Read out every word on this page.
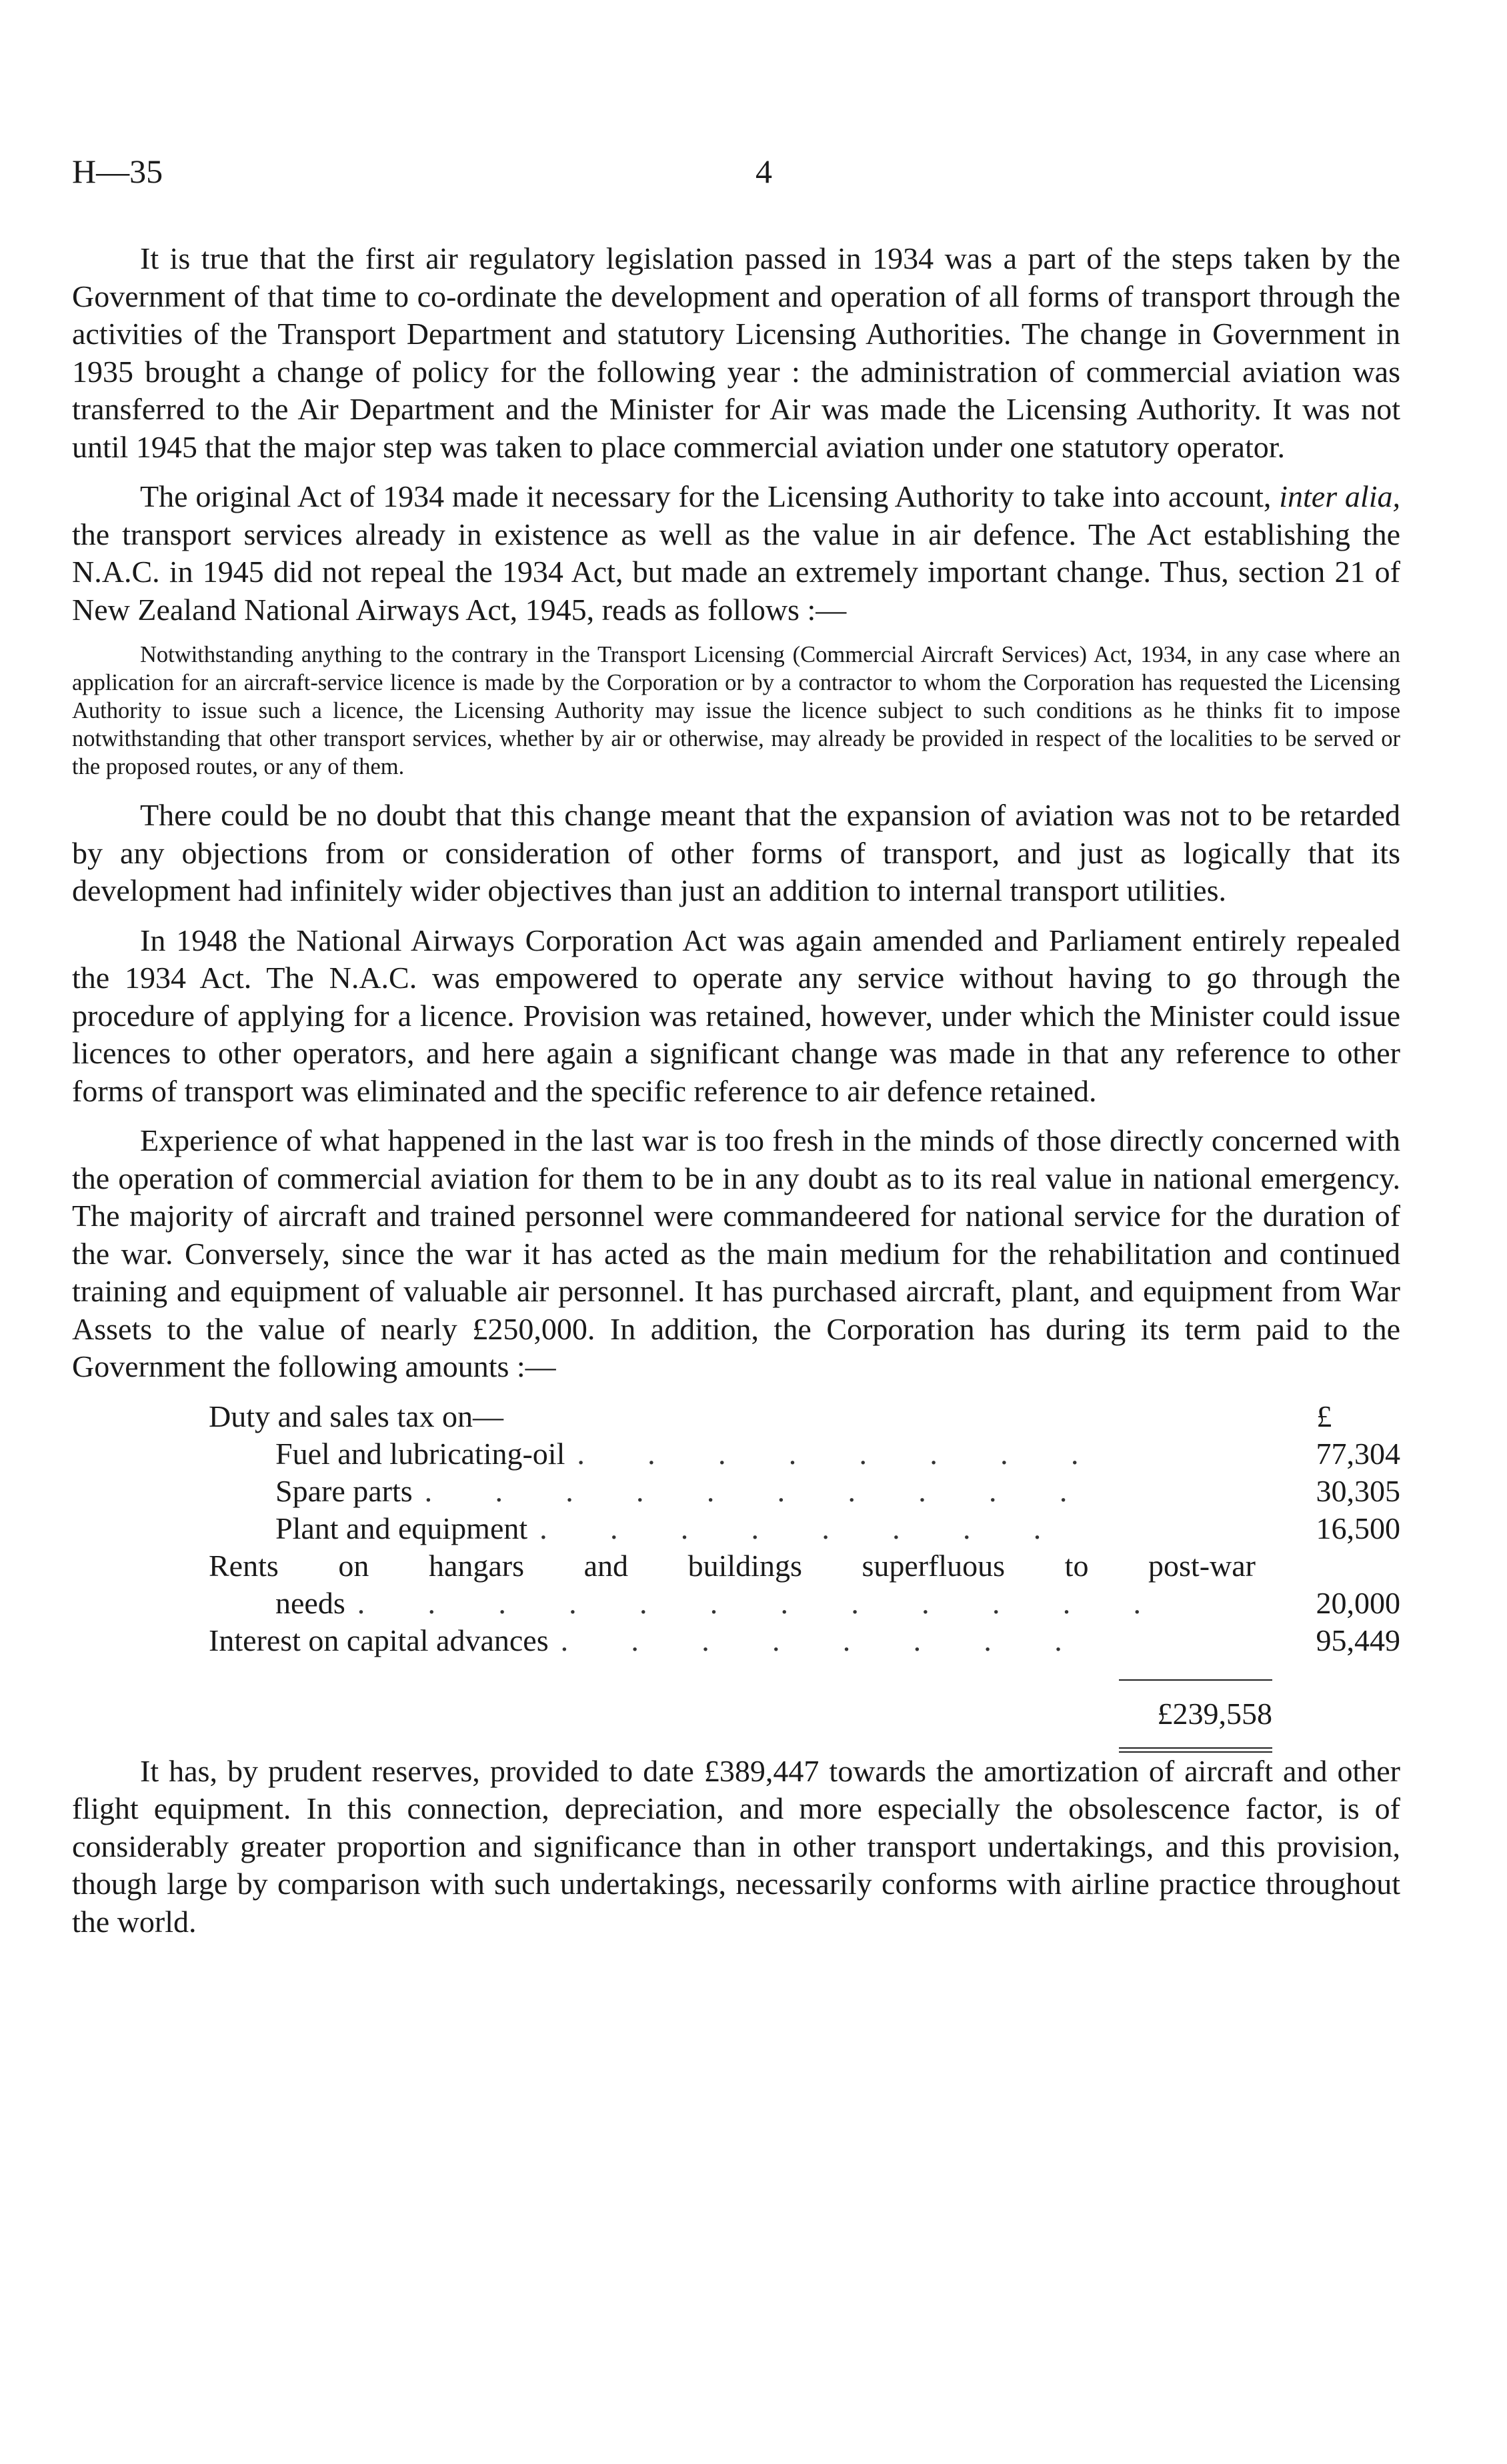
H—35	4

It is true that the first air regulatory legislation passed in 1934 was a part of the steps taken by the Government of that time to co-ordinate the development and operation of all forms of transport through the activities of the Transport Department and statutory Licensing Authorities. The change in Government in 1935 brought a change of policy for the following year : the administration of commercial aviation was transferred to the Air Department and the Minister for Air was made the Licensing Authority. It was not until 1945 that the major step was taken to place commercial aviation under one statutory operator.

The original Act of 1934 made it necessary for the Licensing Authority to take into account, inter alia, the transport services already in existence as well as the value in air defence. The Act establishing the N.A.C. in 1945 did not repeal the 1934 Act, but made an extremely important change. Thus, section 21 of New Zealand National Airways Act, 1945, reads as follows :—

Notwithstanding anything to the contrary in the Transport Licensing (Commercial Aircraft Services) Act, 1934, in any case where an application for an aircraft-service licence is made by the Corporation or by a contractor to whom the Corporation has requested the Licensing Authority to issue such a licence, the Licensing Authority may issue the licence subject to such conditions as he thinks fit to impose notwithstanding that other transport services, whether by air or otherwise, may already be provided in respect of the localities to be served or the proposed routes, or any of them.

There could be no doubt that this change meant that the expansion of aviation was not to be retarded by any objections from or consideration of other forms of transport, and just as logically that its development had infinitely wider objectives than just an addition to internal transport utilities.

In 1948 the National Airways Corporation Act was again amended and Parliament entirely repealed the 1934 Act. The N.A.C. was empowered to operate any service without having to go through the procedure of applying for a licence. Provision was retained, however, under which the Minister could issue licences to other operators, and here again a significant change was made in that any reference to other forms of transport was eliminated and the specific reference to air defence retained.

Experience of what happened in the last war is too fresh in the minds of those directly concerned with the operation of commercial aviation for them to be in any doubt as to its real value in national emergency. The majority of aircraft and trained personnel were commandeered for national service for the duration of the war. Conversely, since the war it has acted as the main medium for the rehabilitation and continued training and equipment of valuable air personnel. It has purchased aircraft, plant, and equipment from War Assets to the value of nearly £250,000. In addition, the Corporation has during its term paid to the Government the following amounts :—

Duty and sales tax on—	£
Fuel and lubricating-oil . . . . . . . .	77,304
Spare parts . . . . . . . . . .	30,305
Plant and equipment . . . . . . . .	16,500
Rents on hangars and buildings superfluous to post-war
needs . . . . . . . . . . . .	20,000
Interest on capital advances . . . . . . . .	95,449
£239,558

It has, by prudent reserves, provided to date £389,447 towards the amortization of aircraft and other flight equipment. In this connection, depreciation, and more especially the obsolescence factor, is of considerably greater proportion and significance than in other transport undertakings, and this provision, though large by comparison with such undertakings, necessarily conforms with airline practice throughout the world.
